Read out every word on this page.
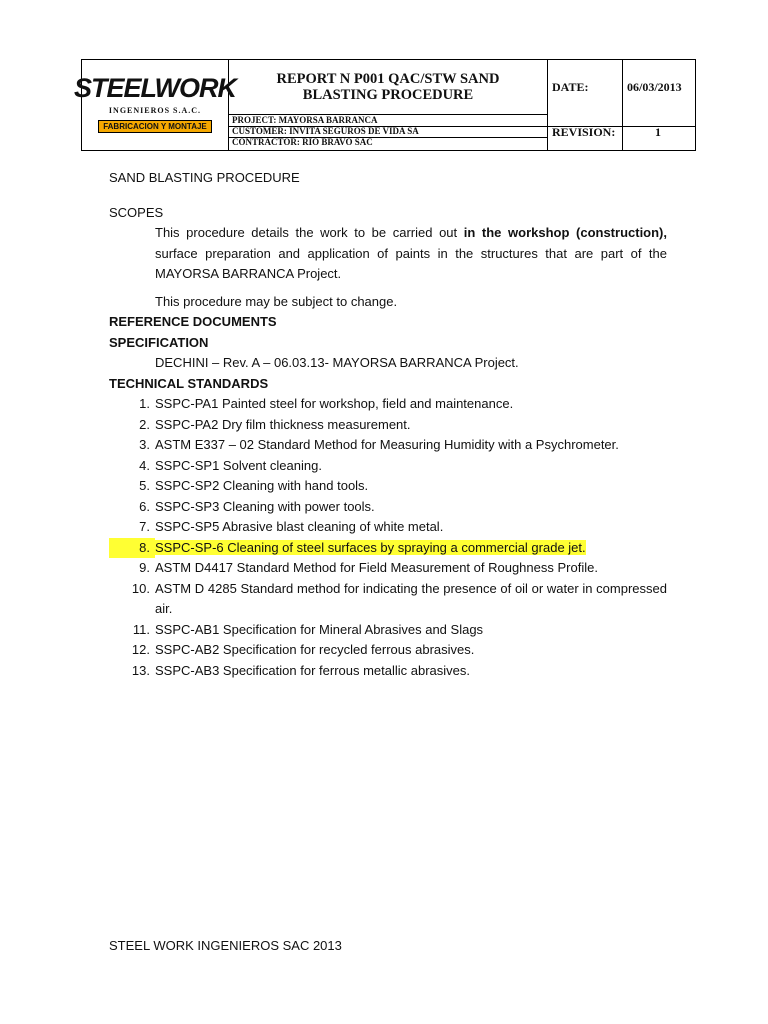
STEELWORK
INGENIEROS S.A.C.
FABRICACION Y MONTAJE
REPORT N P001 QAC/STW SAND
BLASTING PROCEDURE
PROJECT: MAYORSA BARRANCA
CUSTOMER: INVITA SEGUROS DE VIDA SA
CONTRACTOR: RIO BRAVO SAC
DATE:	06/03/2013
REVISION:	1

SAND BLASTING PROCEDURE

SCOPES

This procedure details the work to be carried out in the workshop (construction), surface preparation and application of paints in the structures that are part of the MAYORSA BARRANCA Project.

This procedure may be subject to change.

REFERENCE DOCUMENTS

SPECIFICATION

DECHINI – Rev. A – 06.03.13- MAYORSA BARRANCA Project.

TECHNICAL STANDARDS

1. SSPC-PA1 Painted steel for workshop, field and maintenance.
2. SSPC-PA2 Dry film thickness measurement.
3. ASTM E337 – 02 Standard Method for Measuring Humidity with a Psychrometer.
4. SSPC-SP1 Solvent cleaning.
5. SSPC-SP2 Cleaning with hand tools.
6. SSPC-SP3 Cleaning with power tools.
7. SSPC-SP5 Abrasive blast cleaning of white metal.
8. SSPC-SP-6 Cleaning of steel surfaces by spraying a commercial grade jet.
9. ASTM D4417 Standard Method for Field Measurement of Roughness Profile.
10. ASTM D 4285 Standard method for indicating the presence of oil or water in compressed air.
11. SSPC-AB1 Specification for Mineral Abrasives and Slags
12. SSPC-AB2 Specification for recycled ferrous abrasives.
13. SSPC-AB3 Specification for ferrous metallic abrasives.
STEEL WORK INGENIEROS SAC 2013
